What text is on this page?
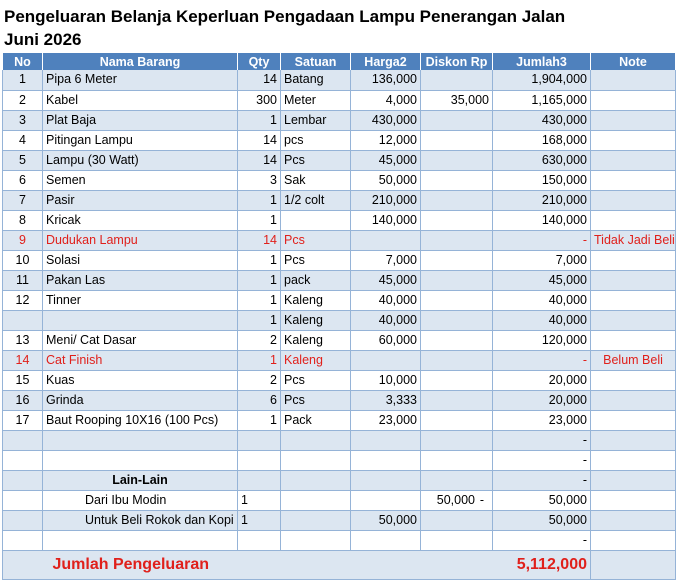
Pengeluaran Belanja Keperluan Pengadaan Lampu Penerangan Jalan
Juni 2026
No	Nama Barang	Qty	Satuan	Harga2	Diskon Rp	Jumlah3	Note
1	Pipa 6 Meter	14	Batang	136,000		1,904,000	
2	Kabel	300	Meter	4,000	35,000	1,165,000	
3	Plat Baja	1	Lembar	430,000		430,000	
4	Pitingan Lampu	14	pcs	12,000		168,000	
5	Lampu (30 Watt)	14	Pcs	45,000		630,000	
6	Semen	3	Sak	50,000		150,000	
7	Pasir	1	1/2 colt	210,000		210,000	
8	Kricak	1		140,000		140,000	
9	Dudukan Lampu	14	Pcs			-	Tidak Jadi Beli
10	Solasi	1	Pcs	7,000		7,000	
11	Pakan Las	1	pack	45,000		45,000	
12	Tinner	1	Kaleng	40,000		40,000	
		1	Kaleng	40,000		40,000	
13	Meni/ Cat Dasar	2	Kaleng	60,000		120,000	
14	Cat Finish	1	Kaleng			-	Belum Beli
15	Kuas	2	Pcs	10,000		20,000	
16	Grinda	6	Pcs	3,333		20,000	
17	Baut Rooping 10X16 (100 Pcs)	1	Pack	23,000		23,000	
						-	
						-	
	Lain-Lain					-	
	Dari Ibu Modin	1			50,000 -	50,000	
	Untuk Beli Rokok dan Kopi	1		50,000		50,000	
						-	
	Jumlah Pengeluaran					5,112,000	
